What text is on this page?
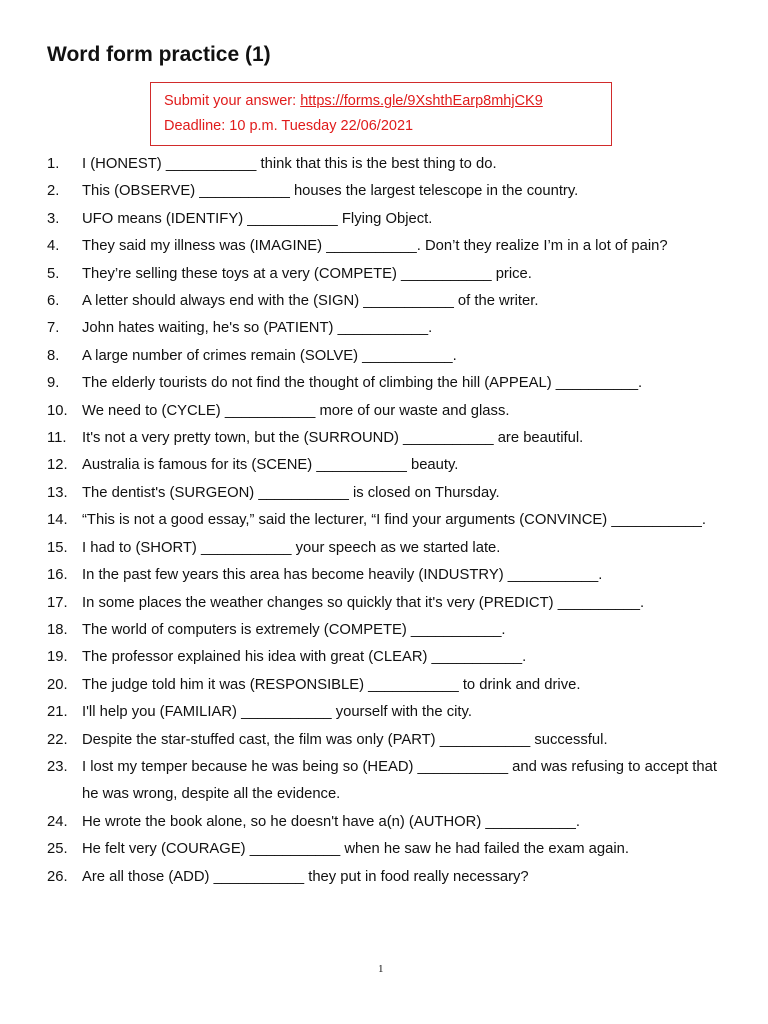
Word form practice (1)
Submit your answer: https://forms.gle/9XshthEarp8mhjCK9
Deadline: 10 p.m. Tuesday 22/06/2021
1.	I (HONEST) ___________ think that this is the best thing to do.
2.	This (OBSERVE) ___________ houses the largest telescope in the country.
3.	UFO means (IDENTIFY) ___________ Flying Object.
4.	They said my illness was (IMAGINE) ___________. Don’t they realize I’m in a lot of pain?
5.	They’re selling these toys at a very (COMPETE) ___________ price.
6.	A letter should always end with the (SIGN) ___________ of the writer.
7.	John hates waiting, he's so (PATIENT) ___________.
8.	A large number of crimes remain (SOLVE) ___________.
9.	The elderly tourists do not find the thought of climbing the hill (APPEAL) __________.
10. We need to (CYCLE) ___________ more of our waste and glass.
11.	It's not a very pretty town, but the (SURROUND) ___________ are beautiful.
12. Australia is famous for its (SCENE) ___________ beauty.
13. The dentist's (SURGEON) ___________ is closed on Thursday.
14. “This is not a good essay,” said the lecturer, “I find your arguments (CONVINCE) ___________.
15. I had to (SHORT) ___________ your speech as we started late.
16. In the past few years this area has become heavily (INDUSTRY) ___________.
17. In some places the weather changes so quickly that it's very (PREDICT) __________.
18. The world of computers is extremely (COMPETE) ___________.
19. The professor explained his idea with great (CLEAR) ___________.
20. The judge told him it was (RESPONSIBLE) ___________ to drink and drive.
21. I'll help you (FAMILIAR) ___________ yourself with the city.
22. Despite the star-stuffed cast, the film was only (PART) ___________ successful.
23. I lost my temper because he was being so (HEAD) ___________ and was refusing to accept that he was wrong, despite all the evidence.
24. He wrote the book alone, so he doesn't have a(n) (AUTHOR) ___________.
25. He felt very (COURAGE) ___________ when he saw he had failed the exam again.
26. Are all those (ADD) ___________ they put in food really necessary?
1
